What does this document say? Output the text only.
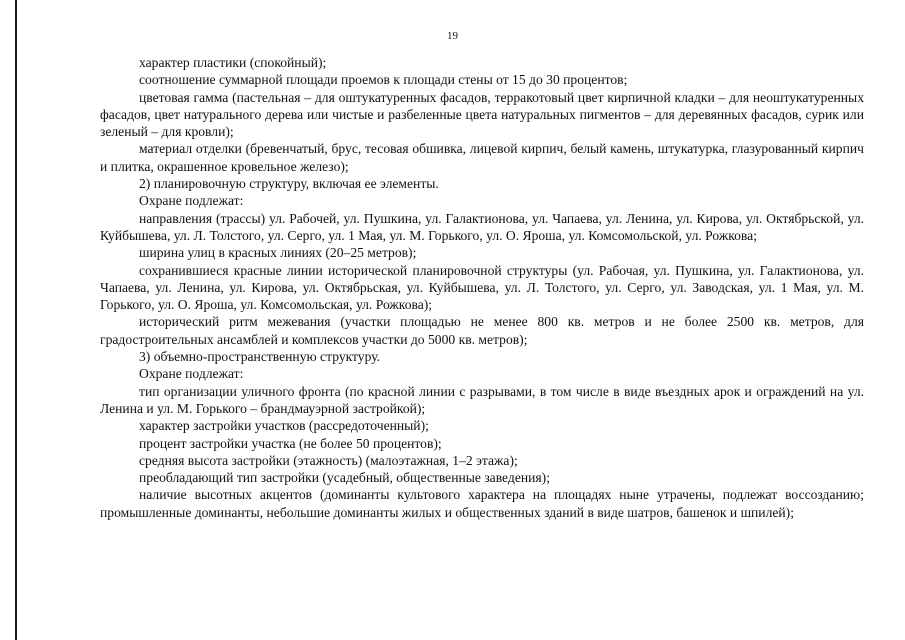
19

характер пластики (спокойный);

соотношение суммарной площади проемов к площади стены от 15 до 30 процентов;

цветовая гамма (пастельная – для оштукатуренных фасадов, терракотовый цвет кирпичной кладки – для неоштукатуренных фасадов, цвет натурального дерева или чистые и разбеленные цвета натуральных пигментов – для деревянных фасадов, сурик или зеленый – для кровли);

материал отделки (бревенчатый, брус, тесовая обшивка, лицевой кирпич, белый камень, штукатурка, глазурованный кирпич и плитка, окрашенное кровельное железо);

2) планировочную структуру, включая ее элементы.

Охране подлежат:

направления (трассы) ул. Рабочей, ул. Пушкина, ул. Галактионова, ул. Чапаева, ул. Ленина, ул. Кирова, ул. Октябрьской, ул. Куйбышева, ул. Л. Толстого, ул. Серго, ул. 1 Мая, ул. М. Горького, ул. О. Яроша, ул. Комсомольской, ул. Рожкова;

ширина улиц в красных линиях (20–25 метров);

сохранившиеся красные линии исторической планировочной структуры (ул. Рабочая, ул. Пушкина, ул. Галактионова, ул. Чапаева, ул. Ленина, ул. Кирова, ул. Октябрьская, ул. Куйбышева, ул. Л. Толстого, ул. Серго, ул. Заводская, ул. 1 Мая, ул. М. Горького, ул. О. Яроша, ул. Комсомольская, ул. Рожкова);

исторический ритм межевания (участки площадью не менее 800 кв. метров и не более 2500 кв. метров, для градостроительных ансамблей и комплексов участки до 5000 кв. метров);

3) объемно-пространственную структуру.

Охране подлежат:

тип организации уличного фронта (по красной линии с разрывами, в том числе в виде въездных арок и ограждений на ул. Ленина и ул. М. Горького – брандмауэрной застройкой);

характер застройки участков (рассредоточенный);

процент застройки участка (не более 50 процентов);

средняя высота застройки (этажность) (малоэтажная, 1–2 этажа);

преобладающий тип застройки (усадебный, общественные заведения);

наличие высотных акцентов (доминанты культового характера на площадях ныне утрачены, подлежат воссозданию; промышленные доминанты, небольшие доминанты жилых и общественных зданий в виде шатров, башенок и шпилей);
